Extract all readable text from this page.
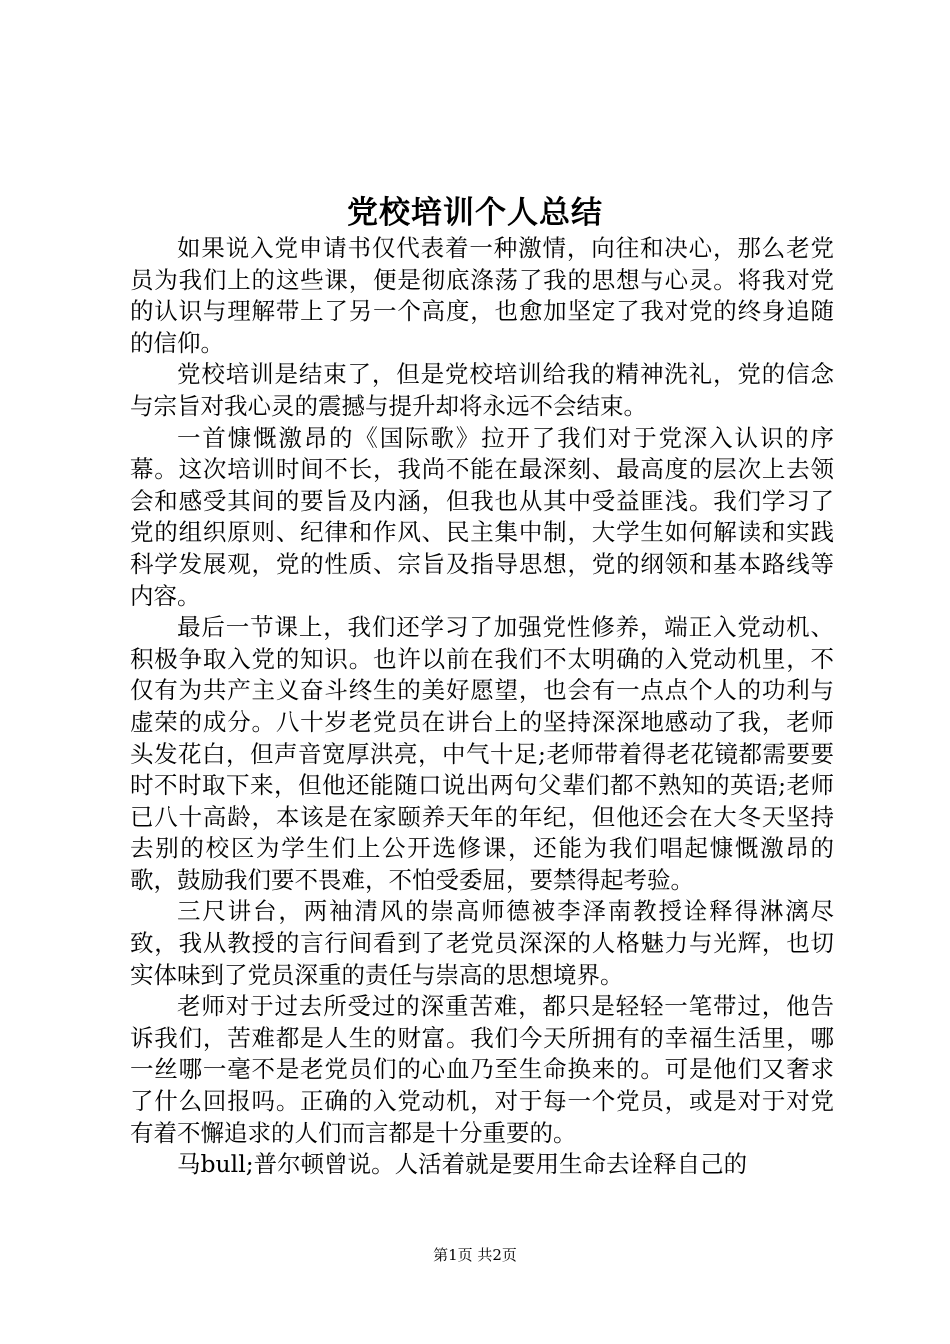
党校培训个人总结

如果说入党申请书仅代表着一种激情，向往和决心，那么老党员为我们上的这些课，便是彻底涤荡了我的思想与心灵。将我对党的认识与理解带上了另一个高度，也愈加坚定了我对党的终身追随的信仰。

党校培训是结束了，但是党校培训给我的精神洗礼，党的信念与宗旨对我心灵的震撼与提升却将永远不会结束。

一首慷慨激昂的《国际歌》拉开了我们对于党深入认识的序幕。这次培训时间不长，我尚不能在最深刻、最高度的层次上去领会和感受其间的要旨及内涵，但我也从其中受益匪浅。我们学习了党的组织原则、纪律和作风、民主集中制，大学生如何解读和实践科学发展观，党的性质、宗旨及指导思想，党的纲领和基本路线等内容。

最后一节课上，我们还学习了加强党性修养，端正入党动机、积极争取入党的知识。也许以前在我们不太明确的入党动机里，不仅有为共产主义奋斗终生的美好愿望，也会有一点点个人的功利与虚荣的成分。八十岁老党员在讲台上的坚持深深地感动了我，老师头发花白，但声音宽厚洪亮，中气十足;老师带着得老花镜都需要要时不时取下来，但他还能随口说出两句父辈们都不熟知的英语;老师已八十高龄，本该是在家颐养天年的年纪，但他还会在大冬天坚持去别的校区为学生们上公开选修课，还能为我们唱起慷慨激昂的歌，鼓励我们要不畏难，不怕受委屈，要禁得起考验。

三尺讲台，两袖清风的崇高师德被李泽南教授诠释得淋漓尽致，我从教授的言行间看到了老党员深深的人格魅力与光辉，也切实体味到了党员深重的责任与崇高的思想境界。

老师对于过去所受过的深重苦难，都只是轻轻一笔带过，他告诉我们，苦难都是人生的财富。我们今天所拥有的幸福生活里，哪一丝哪一毫不是老党员们的心血乃至生命换来的。可是他们又奢求了什么回报吗。正确的入党动机，对于每一个党员，或是对于对党有着不懈追求的人们而言都是十分重要的。

马bull;普尔顿曾说。人活着就是要用生命去诠释自己的

第1页 共2页
